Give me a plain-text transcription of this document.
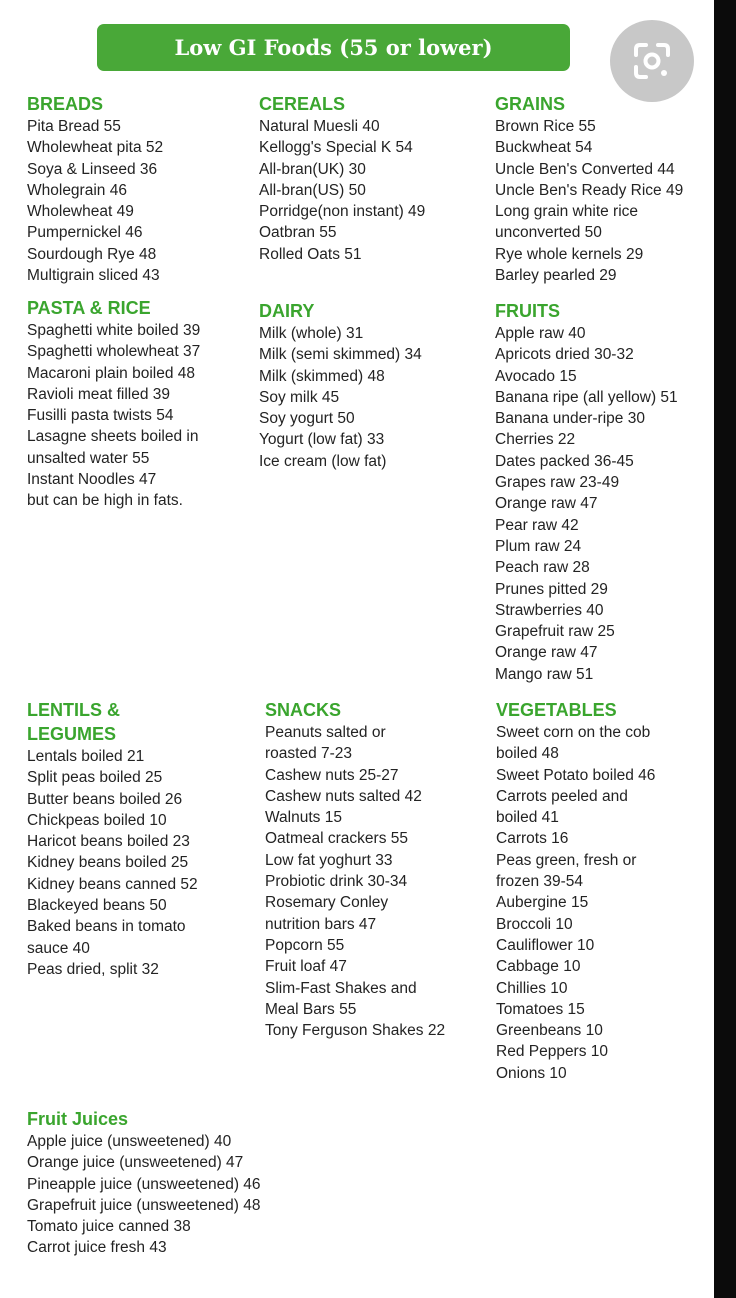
Low GI Foods (55 or lower)
BREADS
Pita Bread 55
Wholewheat pita 52
Soya & Linseed 36
Wholegrain 46
Wholewheat 49
Pumpernickel 46
Sourdough Rye 48
Multigrain sliced 43
CEREALS
Natural Muesli 40
Kellogg's Special K 54
All-bran(UK) 30
All-bran(US) 50
Porridge(non instant) 49
Oatbran 55
Rolled Oats 51
GRAINS
Brown Rice 55
Buckwheat 54
Uncle Ben's Converted 44
Uncle Ben's Ready Rice 49
Long grain white rice
unconverted 50
Rye whole kernels 29
Barley pearled 29
PASTA & RICE
Spaghetti white boiled 39
Spaghetti wholewheat 37
Macaroni plain boiled 48
Ravioli meat filled 39
Fusilli pasta twists 54
Lasagne sheets boiled in
unsalted water 55
Instant Noodles 47
but can be high in fats.
DAIRY
Milk (whole) 31
Milk (semi skimmed) 34
Milk (skimmed) 48
Soy milk 45
Soy yogurt 50
Yogurt (low fat) 33
Ice cream (low fat)
FRUITS
Apple raw 40
Apricots dried 30-32
Avocado 15
Banana ripe (all yellow) 51
Banana under-ripe 30
Cherries 22
Dates packed 36-45
Grapes raw 23-49
Orange raw 47
Pear raw 42
Plum raw 24
Peach raw 28
Prunes pitted 29
Strawberries 40
Grapefruit raw 25
Orange raw 47
Mango raw 51
LENTILS &
LEGUMES
Lentals boiled 21
Split peas boiled 25
Butter beans boiled 26
Chickpeas boiled 10
Haricot beans boiled 23
Kidney beans boiled 25
Kidney beans canned 52
Blackeyed beans 50
Baked beans in tomato
sauce 40
Peas dried, split 32
SNACKS
Peanuts salted or
roasted 7-23
Cashew nuts 25-27
Cashew nuts salted 42
Walnuts 15
Oatmeal crackers 55
Low fat yoghurt 33
Probiotic drink 30-34
Rosemary Conley
nutrition bars 47
Popcorn 55
Fruit loaf 47
Slim-Fast Shakes and
Meal Bars 55
Tony Ferguson Shakes 22
VEGETABLES
Sweet corn on the cob
boiled 48
Sweet Potato boiled 46
Carrots peeled and
boiled 41
Carrots 16
Peas green, fresh or
frozen 39-54
Aubergine 15
Broccoli 10
Cauliflower 10
Cabbage 10
Chillies 10
Tomatoes 15
Greenbeans 10
Red Peppers 10
Onions 10
Fruit Juices
Apple juice (unsweetened) 40
Orange juice (unsweetened) 47
Pineapple juice (unsweetened) 46
Grapefruit juice (unsweetened) 48
Tomato juice canned 38
Carrot juice fresh 43
